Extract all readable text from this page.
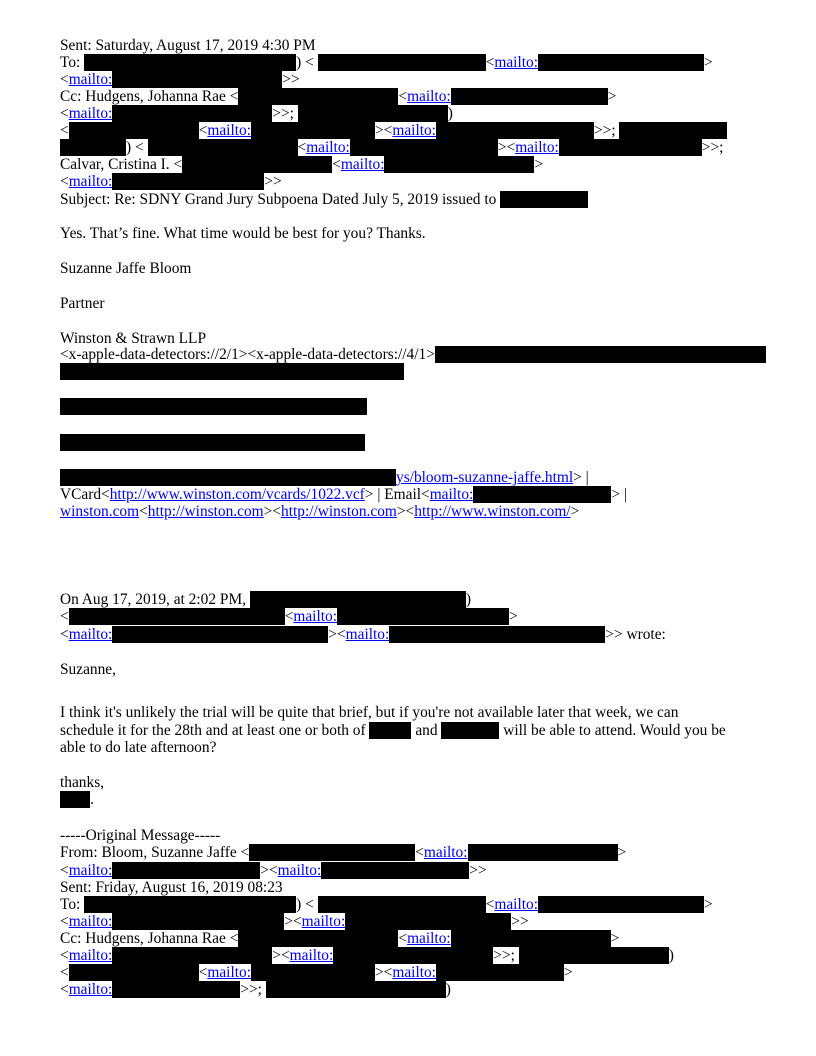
Sent: Saturday, August 17, 2019 4:30 PM
To:	) <	<mailto:	>
<mailto:	>>
Cc: Hudgens, Johanna Rae <	<mailto:	>
<mailto:	>>;	)
<	<mailto:	><mailto:	>>;
) <	<mailto:	><mailto:	>>;
Calvar, Cristina I. <	<mailto:	>
<mailto:	>>
Subject: Re: SDNY Grand Jury Subpoena Dated July 5, 2019 issued to
Yes. That’s fine. What time would be best for you? Thanks.
Suzanne Jaffe Bloom
Partner
Winston & Strawn LLP
<x-apple-data-detectors://2/1><x-apple-data-detectors://4/1>
ys/bloom-suzanne-jaffe.html> |
VCard<http://www.winston.com/vcards/1022.vcf> | Email<mailto:	> |
winston.com<http://winston.com><http://winston.com><http://www.winston.com/>
On Aug 17, 2019, at 2:02 PM,	)
<	<mailto:	>
<mailto:	><mailto:	>> wrote:
Suzanne,
I think it's unlikely the trial will be quite that brief, but if you're not available later that week, we can
schedule it for the 28th and at least one or both of	and	will be able to attend. Would you be
able to do late afternoon?
thanks,
.
-----Original Message-----
From: Bloom, Suzanne Jaffe <	<mailto:	>
<mailto:	><mailto:	>>
Sent: Friday, August 16, 2019 08:23
To:	) <	<mailto:	>
<mailto:	><mailto:	>>
Cc: Hudgens, Johanna Rae <	<mailto:	>
<mailto:	><mailto:	>>;	)
<	<mailto:	><mailto:	>
<mailto:	>>;	)
